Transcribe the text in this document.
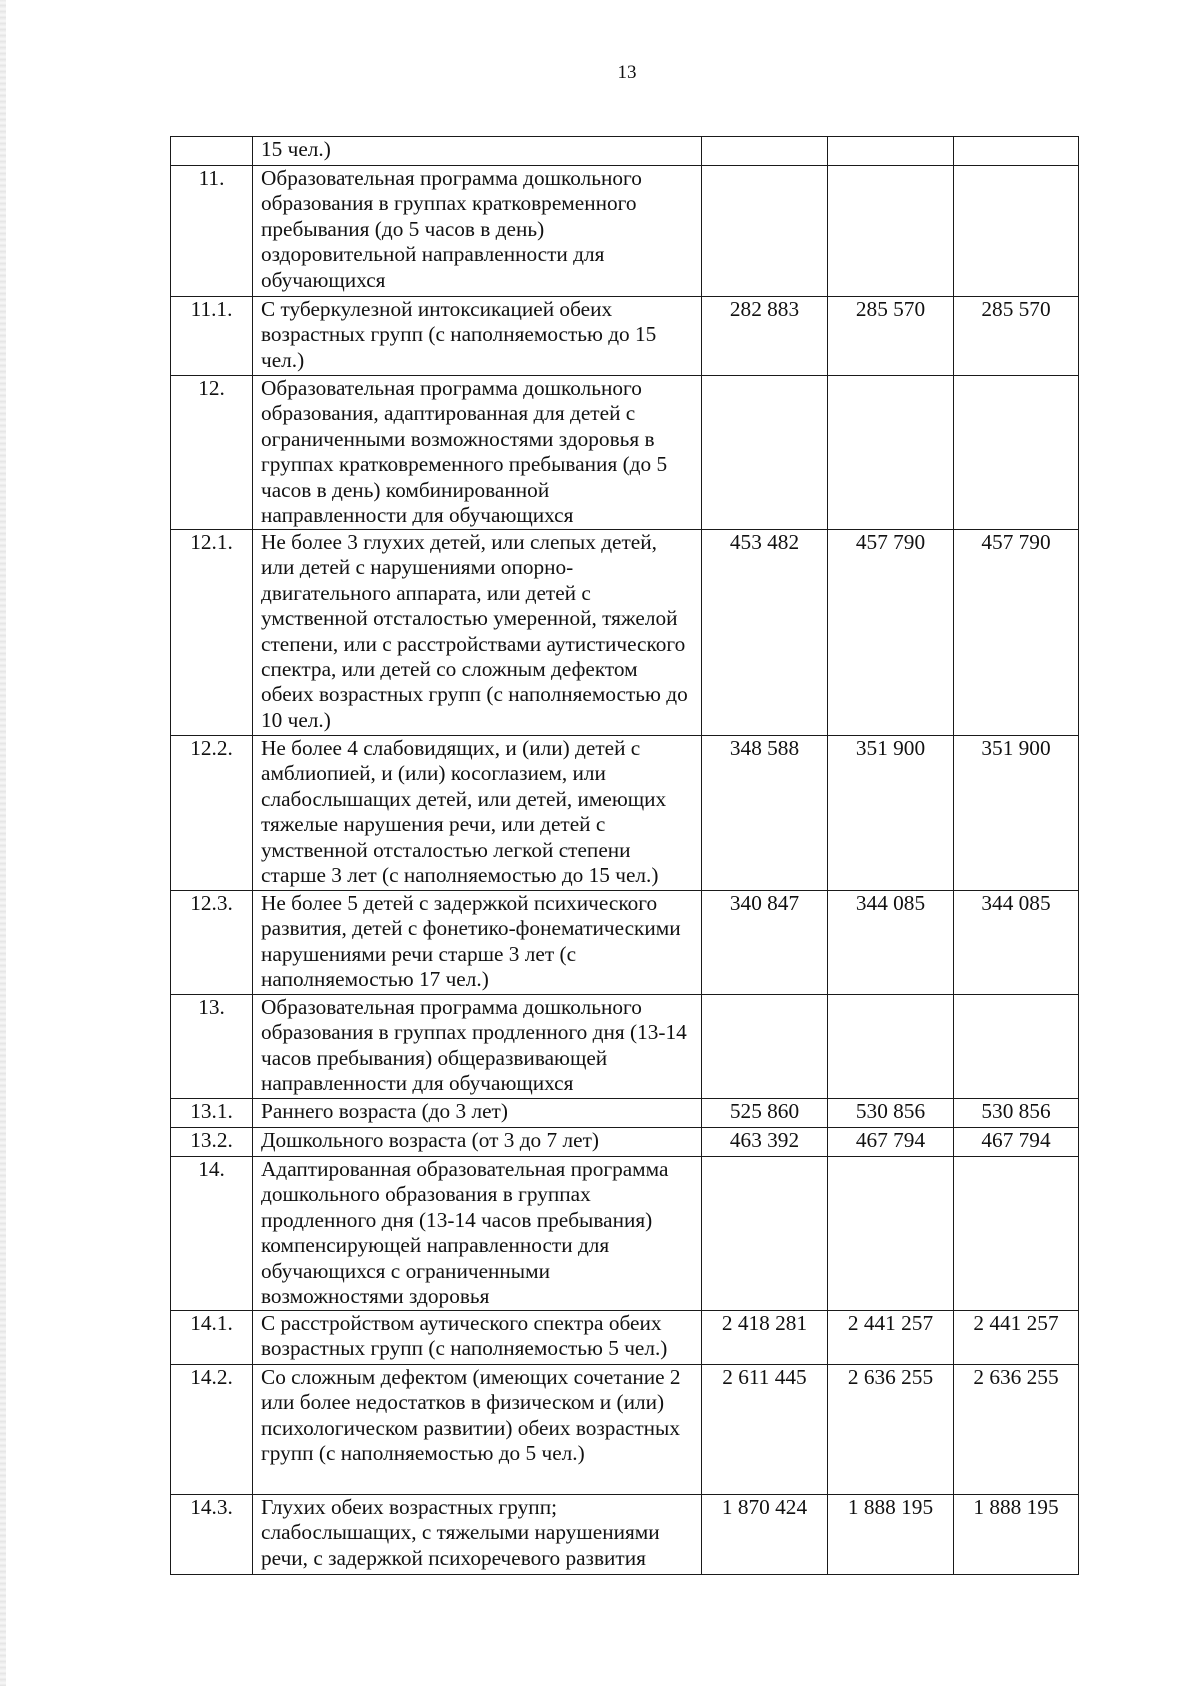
13
	15 чел.)			
11.	Образовательная программа дошкольного образования в группах кратковременного пребывания (до 5 часов в день) оздоровительной направленности для обучающихся			
11.1.	С туберкулезной интоксикацией обеих возрастных групп (с наполняемостью до 15 чел.)	282 883	285 570	285 570
12.	Образовательная программа дошкольного образования, адаптированная для детей с ограниченными возможностями здоровья в группах кратковременного пребывания (до 5 часов в день) комбинированной направленности для обучающихся			
12.1.	Не более 3 глухих детей, или слепых детей, или детей с нарушениями опорно-двигательного аппарата, или детей с умственной отсталостью умеренной, тяжелой степени, или с расстройствами аутистического спектра, или детей со сложным дефектом обеих возрастных групп (с наполняемостью до 10 чел.)	453 482	457 790	457 790
12.2.	Не более 4 слабовидящих, и (или) детей с амблиопией, и (или) косоглазием, или слабослышащих детей, или детей, имеющих тяжелые нарушения речи, или детей с умственной отсталостью легкой степени старше 3 лет (с наполняемостью до 15 чел.)	348 588	351 900	351 900
12.3.	Не более 5 детей с задержкой психического развития, детей с фонетико-фонематическими нарушениями речи старше 3 лет (с наполняемостью 17 чел.)	340 847	344 085	344 085
13.	Образовательная программа дошкольного образования в группах продленного дня (13-14 часов пребывания) общеразвивающей направленности для обучающихся			
13.1.	Раннего возраста (до 3 лет)	525 860	530 856	530 856
13.2.	Дошкольного возраста (от 3 до 7 лет)	463 392	467 794	467 794
14.	Адаптированная образовательная программа дошкольного образования в группах продленного дня (13-14 часов пребывания) компенсирующей направленности для обучающихся с ограниченными возможностями здоровья			
14.1.	С расстройством аутического спектра обеих возрастных групп (с наполняемостью 5 чел.)	2 418 281	2 441 257	2 441 257
14.2.	Со сложным дефектом (имеющих сочетание 2 или более недостатков в физическом и (или) психологическом развитии) обеих возрастных групп (с наполняемостью до 5 чел.)	2 611 445	2 636 255	2 636 255
14.3.	Глухих обеих возрастных групп; слабослышащих, с тяжелыми нарушениями речи, с задержкой психоречевого развития	1 870 424	1 888 195	1 888 195
